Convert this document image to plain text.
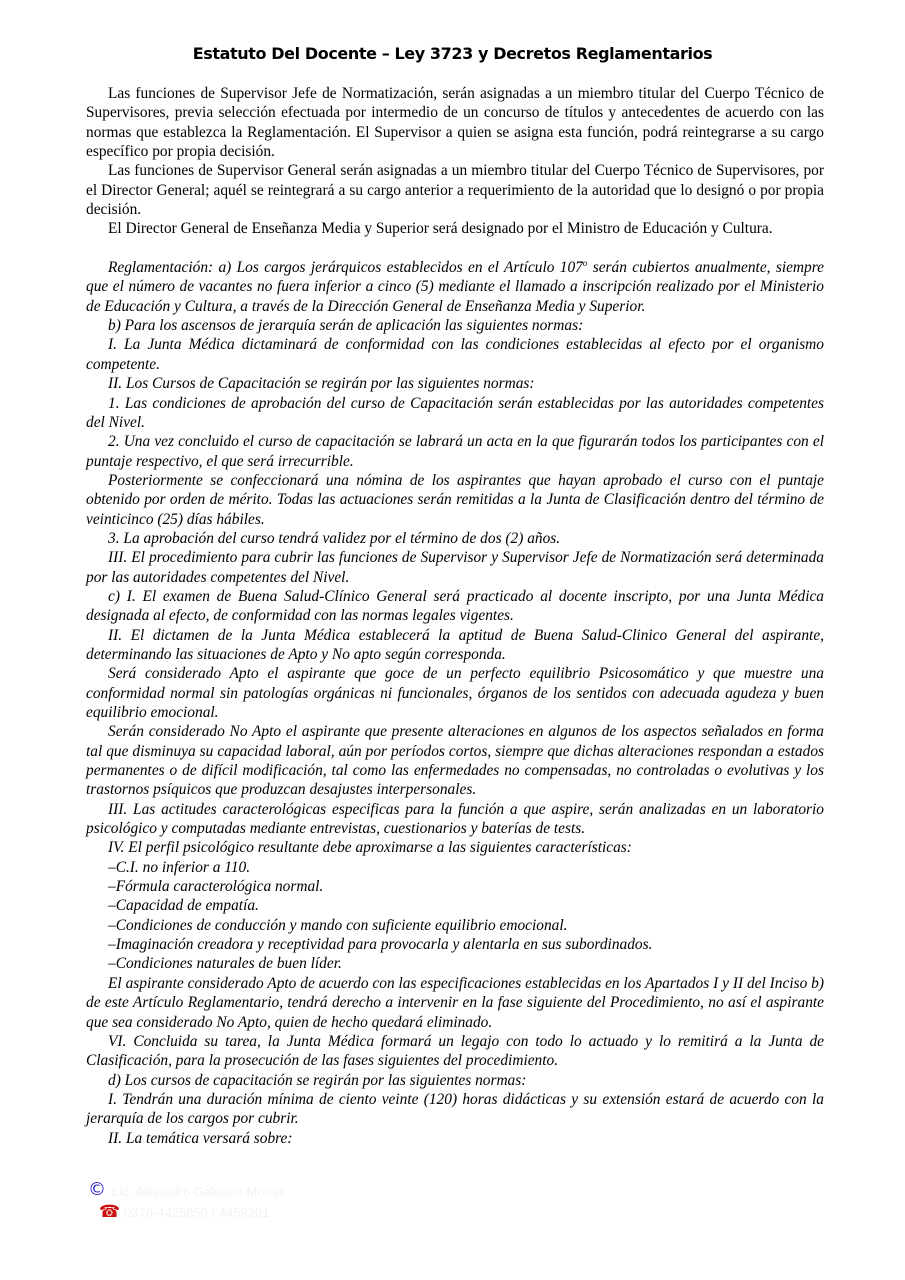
Estatuto Del Docente – Ley 3723 y Decretos Reglamentarios

Las funciones de Supervisor Jefe de Normatización, serán asignadas a un miembro titular del Cuerpo Técnico de Supervisores, previa selección efectuada por intermedio de un concurso de títulos y antecedentes de acuerdo con las normas que establezca la Reglamentación. El Supervisor a quien se asigna esta función, podrá reintegrarse a su cargo específico por propia decisión.

Las funciones de Supervisor General serán asignadas a un miembro titular del Cuerpo Técnico de Supervisores, por el Director General; aquél se reintegrará a su cargo anterior a requerimiento de la autoridad que lo designó o por propia decisión.

El Director General de Enseñanza Media y Superior será designado por el Ministro de Educación y Cultura.

Reglamentación: a) Los cargos jerárquicos establecidos en el Artículo 107$^o$ serán cubiertos anualmente, siempre que el número de vacantes no fuera inferior a cinco (5) mediante el llamado a inscripción realizado por el Ministerio de Educación y Cultura, a través de la Dirección General de Enseñanza Media y Superior.

b) Para los ascensos de jerarquía serán de aplicación las siguientes normas:

I. La Junta Médica dictaminará de conformidad con las condiciones establecidas al efecto por el organismo competente.

II. Los Cursos de Capacitación se regirán por las siguientes normas:

1. Las condiciones de aprobación del curso de Capacitación serán establecidas por las autoridades competentes del Nivel.

2. Una vez concluido el curso de capacitación se labrará un acta en la que figurarán todos los participantes con el puntaje respectivo, el que será irrecurrible.

Posteriormente se confeccionará una nómina de los aspirantes que hayan aprobado el curso con el puntaje obtenido por orden de mérito. Todas las actuaciones serán remitidas a la Junta de Clasificación dentro del término de veinticinco (25) días hábiles.

3. La aprobación del curso tendrá validez por el término de dos (2) años.

III. El procedimiento para cubrir las funciones de Supervisor y Supervisor Jefe de Normatización será determinada por las autoridades competentes del Nivel.

c) I. El examen de Buena Salud-Clínico General será practicado al docente inscripto, por una Junta Médica designada al efecto, de conformidad con las normas legales vigentes.

II. El dictamen de la Junta Médica establecerá la aptitud de Buena Salud-Clinico General del aspirante, determinando las situaciones de Apto y No apto según corresponda.

Será considerado Apto el aspirante que goce de un perfecto equilibrio Psicosomático y que muestre una conformidad normal sin patologías orgánicas ni funcionales, órganos de los sentidos con adecuada agudeza y buen equilibrio emocional.

Serán considerado No Apto el aspirante que presente alteraciones en algunos de los aspectos señalados en forma tal que disminuya su capacidad laboral, aún por períodos cortos, siempre que dichas alteraciones respondan a estados permanentes o de difícil modificación, tal como las enfermedades no compensadas, no controladas o evolutivas y los trastornos psíquicos que produzcan desajustes interpersonales.

III. Las actitudes caracterológicas especificas para la función a que aspire, serán analizadas en un laboratorio psicológico y computadas mediante entrevistas, cuestionarios y baterías de tests.

IV. El perfil psicológico resultante debe aproximarse a las siguientes características:

–C.I. no inferior a 110.

–Fórmula caracterológica normal.

–Capacidad de empatía.

–Condiciones de conducción y mando con suficiente equilibrio emocional.

–Imaginación creadora y receptividad para provocarla y alentarla en sus subordinados.

–Condiciones naturales de buen líder.

El aspirante considerado Apto de acuerdo con las especificaciones establecidas en los Apartados I y II del Inciso b) de este Artículo Reglamentario, tendrá derecho a intervenir en la fase siguiente del Procedimiento, no así el aspirante que sea considerado No Apto, quien de hecho quedará eliminado.

VI. Concluida su tarea, la Junta Médica formará un legajo con todo lo actuado y lo remitirá a la Junta de Clasificación, para la prosecución de las fases siguientes del procedimiento.

d) Los cursos de capacitación se regirán por las siguientes normas:

I. Tendrán una duración mínima de ciento veinte (120) horas didácticas y su extensión estará de acuerdo con la jerarquía de los cargos por cubrir.

II. La temática versará sobre:

© Lic. Alejandro Galeano Moran
☎ 0376-4425850 / 4459301
